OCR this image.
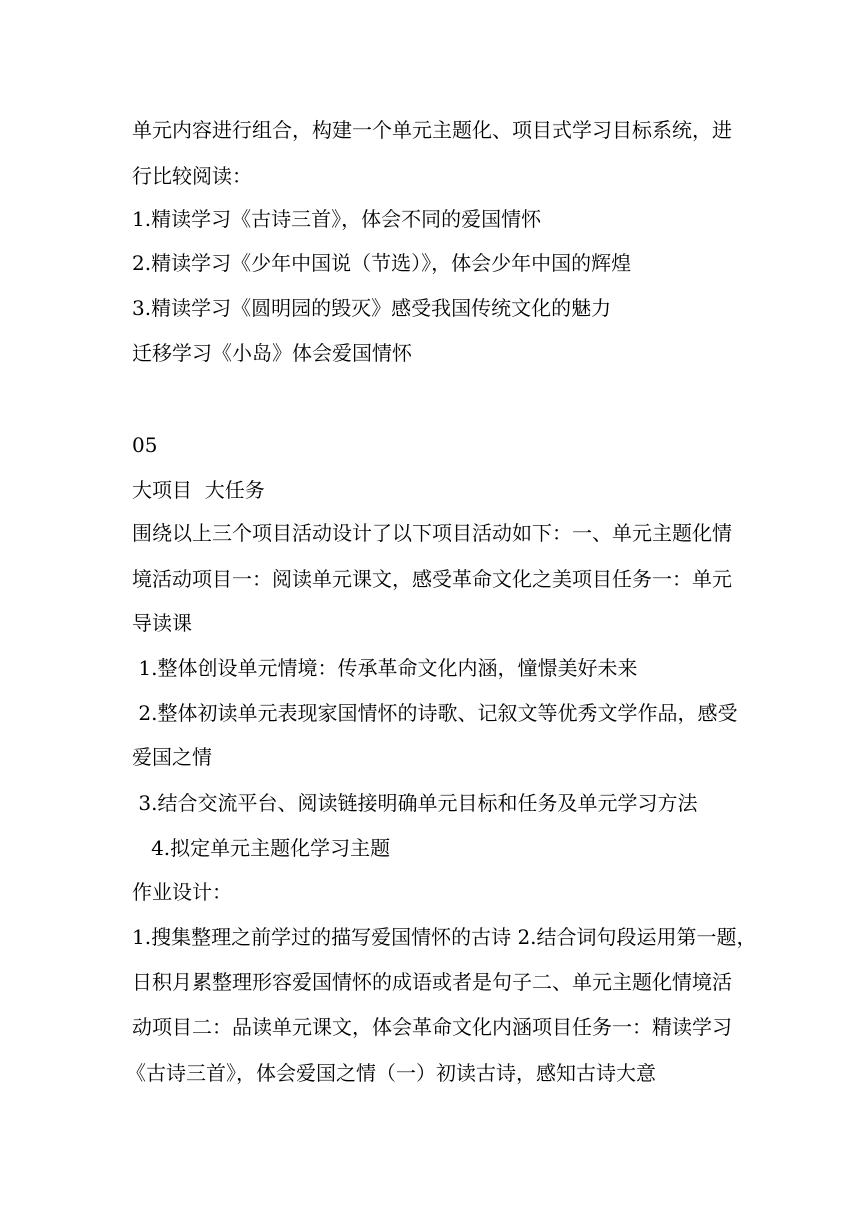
单元内容进行组合，构建一个单元主题化、项目式学习目标系统，进

行比较阅读：

1.精读学习《古诗三首》，体会不同的爱国情怀

2.精读学习《少年中国说（节选）》，体会少年中国的辉煌

3.精读学习《圆明园的毁灭》感受我国传统文化的魅力

迁移学习《小岛》体会爱国情怀

05

大项目  大任务

围绕以上三个项目活动设计了以下项目活动如下：一、单元主题化情

境活动项目一：阅读单元课文，感受革命文化之美项目任务一：单元

导读课

1.整体创设单元情境：传承革命文化内涵，憧憬美好未来

2.整体初读单元表现家国情怀的诗歌、记叙文等优秀文学作品，感受

爱国之情

3.结合交流平台、阅读链接明确单元目标和任务及单元学习方法

4.拟定单元主题化学习主题

作业设计：

1.搜集整理之前学过的描写爱国情怀的古诗 2.结合词句段运用第一题，

日积月累整理形容爱国情怀的成语或者是句子二、单元主题化情境活

动项目二：品读单元课文，体会革命文化内涵项目任务一：精读学习

《古诗三首》，体会爱国之情（一）初读古诗，感知古诗大意
